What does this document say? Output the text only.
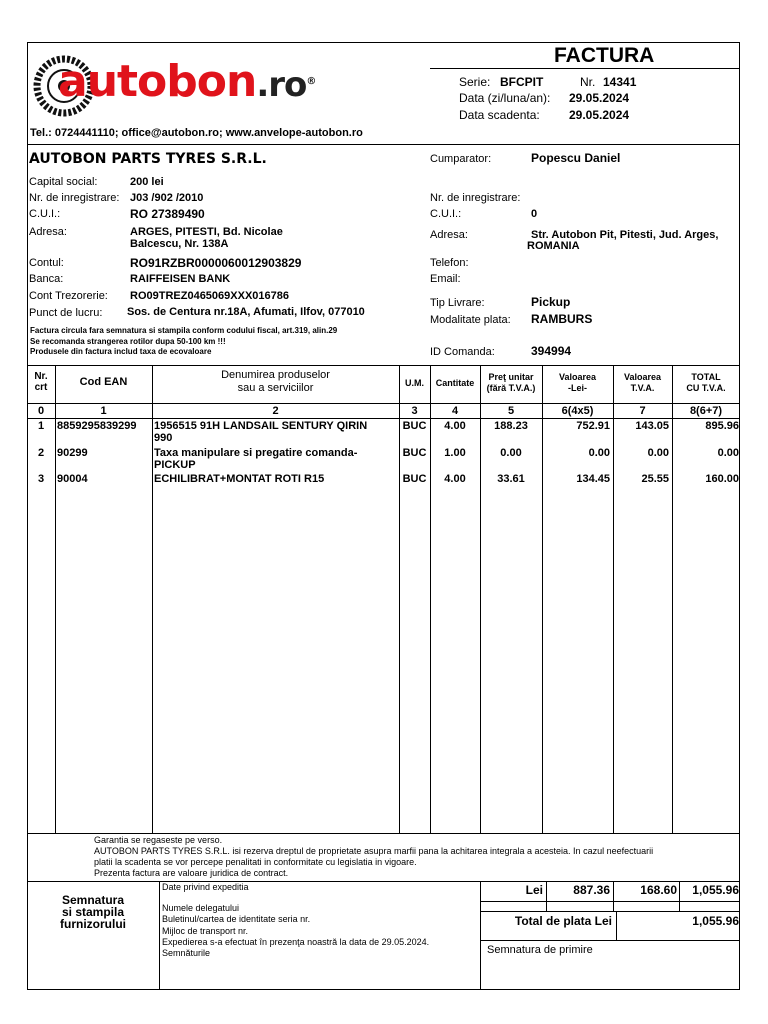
FACTURA
autobon.ro®	Serie: BFCPIT	Nr. 14341
Data (zi/luna/an): 29.05.2024
Data scadenta: 29.05.2024
Tel.: 0724441110; office@autobon.ro; www.anvelope-autobon.ro
AUTOBON PARTS TYRES S.R.L.
Capital social:	200 lei
Nr. de inregistrare: J03 /902 /2010
C.U.I.:	RO 27389490
Adresa:	ARGES, PITESTI, Bd. Nicolae
Balcescu, Nr. 138A
Contul:	RO91RZBR0000060012903829
Banca:	RAIFFEISEN BANK
Cont Trezorerie: RO09TREZ0465069XXX016786
Punct de lucru: Sos. de Centura nr.18A, Afumati, Ilfov, 077010
Factura circula fara semnatura si stampila conform codului fiscal, art.319, alin.29
Se recomanda strangerea rotilor dupa 50-100 km !!!
Produsele din factura includ taxa de ecovaloare
Cumparator:	Popescu Daniel
Nr. de inregistrare:
C.U.I.:	0
Adresa:	Str. Autobon Pit, Pitesti, Jud. Arges,
ROMANIA
Telefon:
Email:
Tip Livrare:	Pickup
Modalitate plata: RAMBURS
ID Comanda:	394994
Nr.
crt	Cod EAN
Denumirea produselor
sau a serviciilor	U.M.	Cantitate
Preţ unitar
(fără T.V.A.)
Valoarea
-Lei-
Valoarea
T.V.A.
TOTAL
CU T.V.A.
0	1	2	3	4	5	6(4x5)	7	8(6+7)
1	8859295839299 1956515 91H LANDSAIL SENTURY QIRIN
990
BUC	4.00	188.23	752.91	143.05	895.96
2	90299	Taxa manipulare si pregatire comanda-
PICKUP
BUC	1.00	0.00	0.00	0.00	0.00
3	90004	ECHILIBRAT+MONTAT ROTI R15	BUC	4.00	33.61	134.45	25.55	160.00
Garantia se regaseste pe verso.
AUTOBON PARTS TYRES S.R.L. isi rezerva dreptul de proprietate asupra marfii pana la achitarea integrala a acesteia. In cazul neefectuarii
platii la scadenta se vor percepe penalitati in conformitate cu legislatia in vigoare.
Prezenta factura are valoare juridica de contract.
Semnatura
si stampila
furnizorului
Date privind expeditia
Numele delegatului
Buletinul/cartea de identitate seria nr.
Mijloc de transport nr.
Expedierea s-a efectuat în prezenţa noastră la data de 29.05.2024.
Semnăturile
Lei	887.36	168.60	1,055.96
Total de plata Lei	1,055.96
Semnatura de primire
